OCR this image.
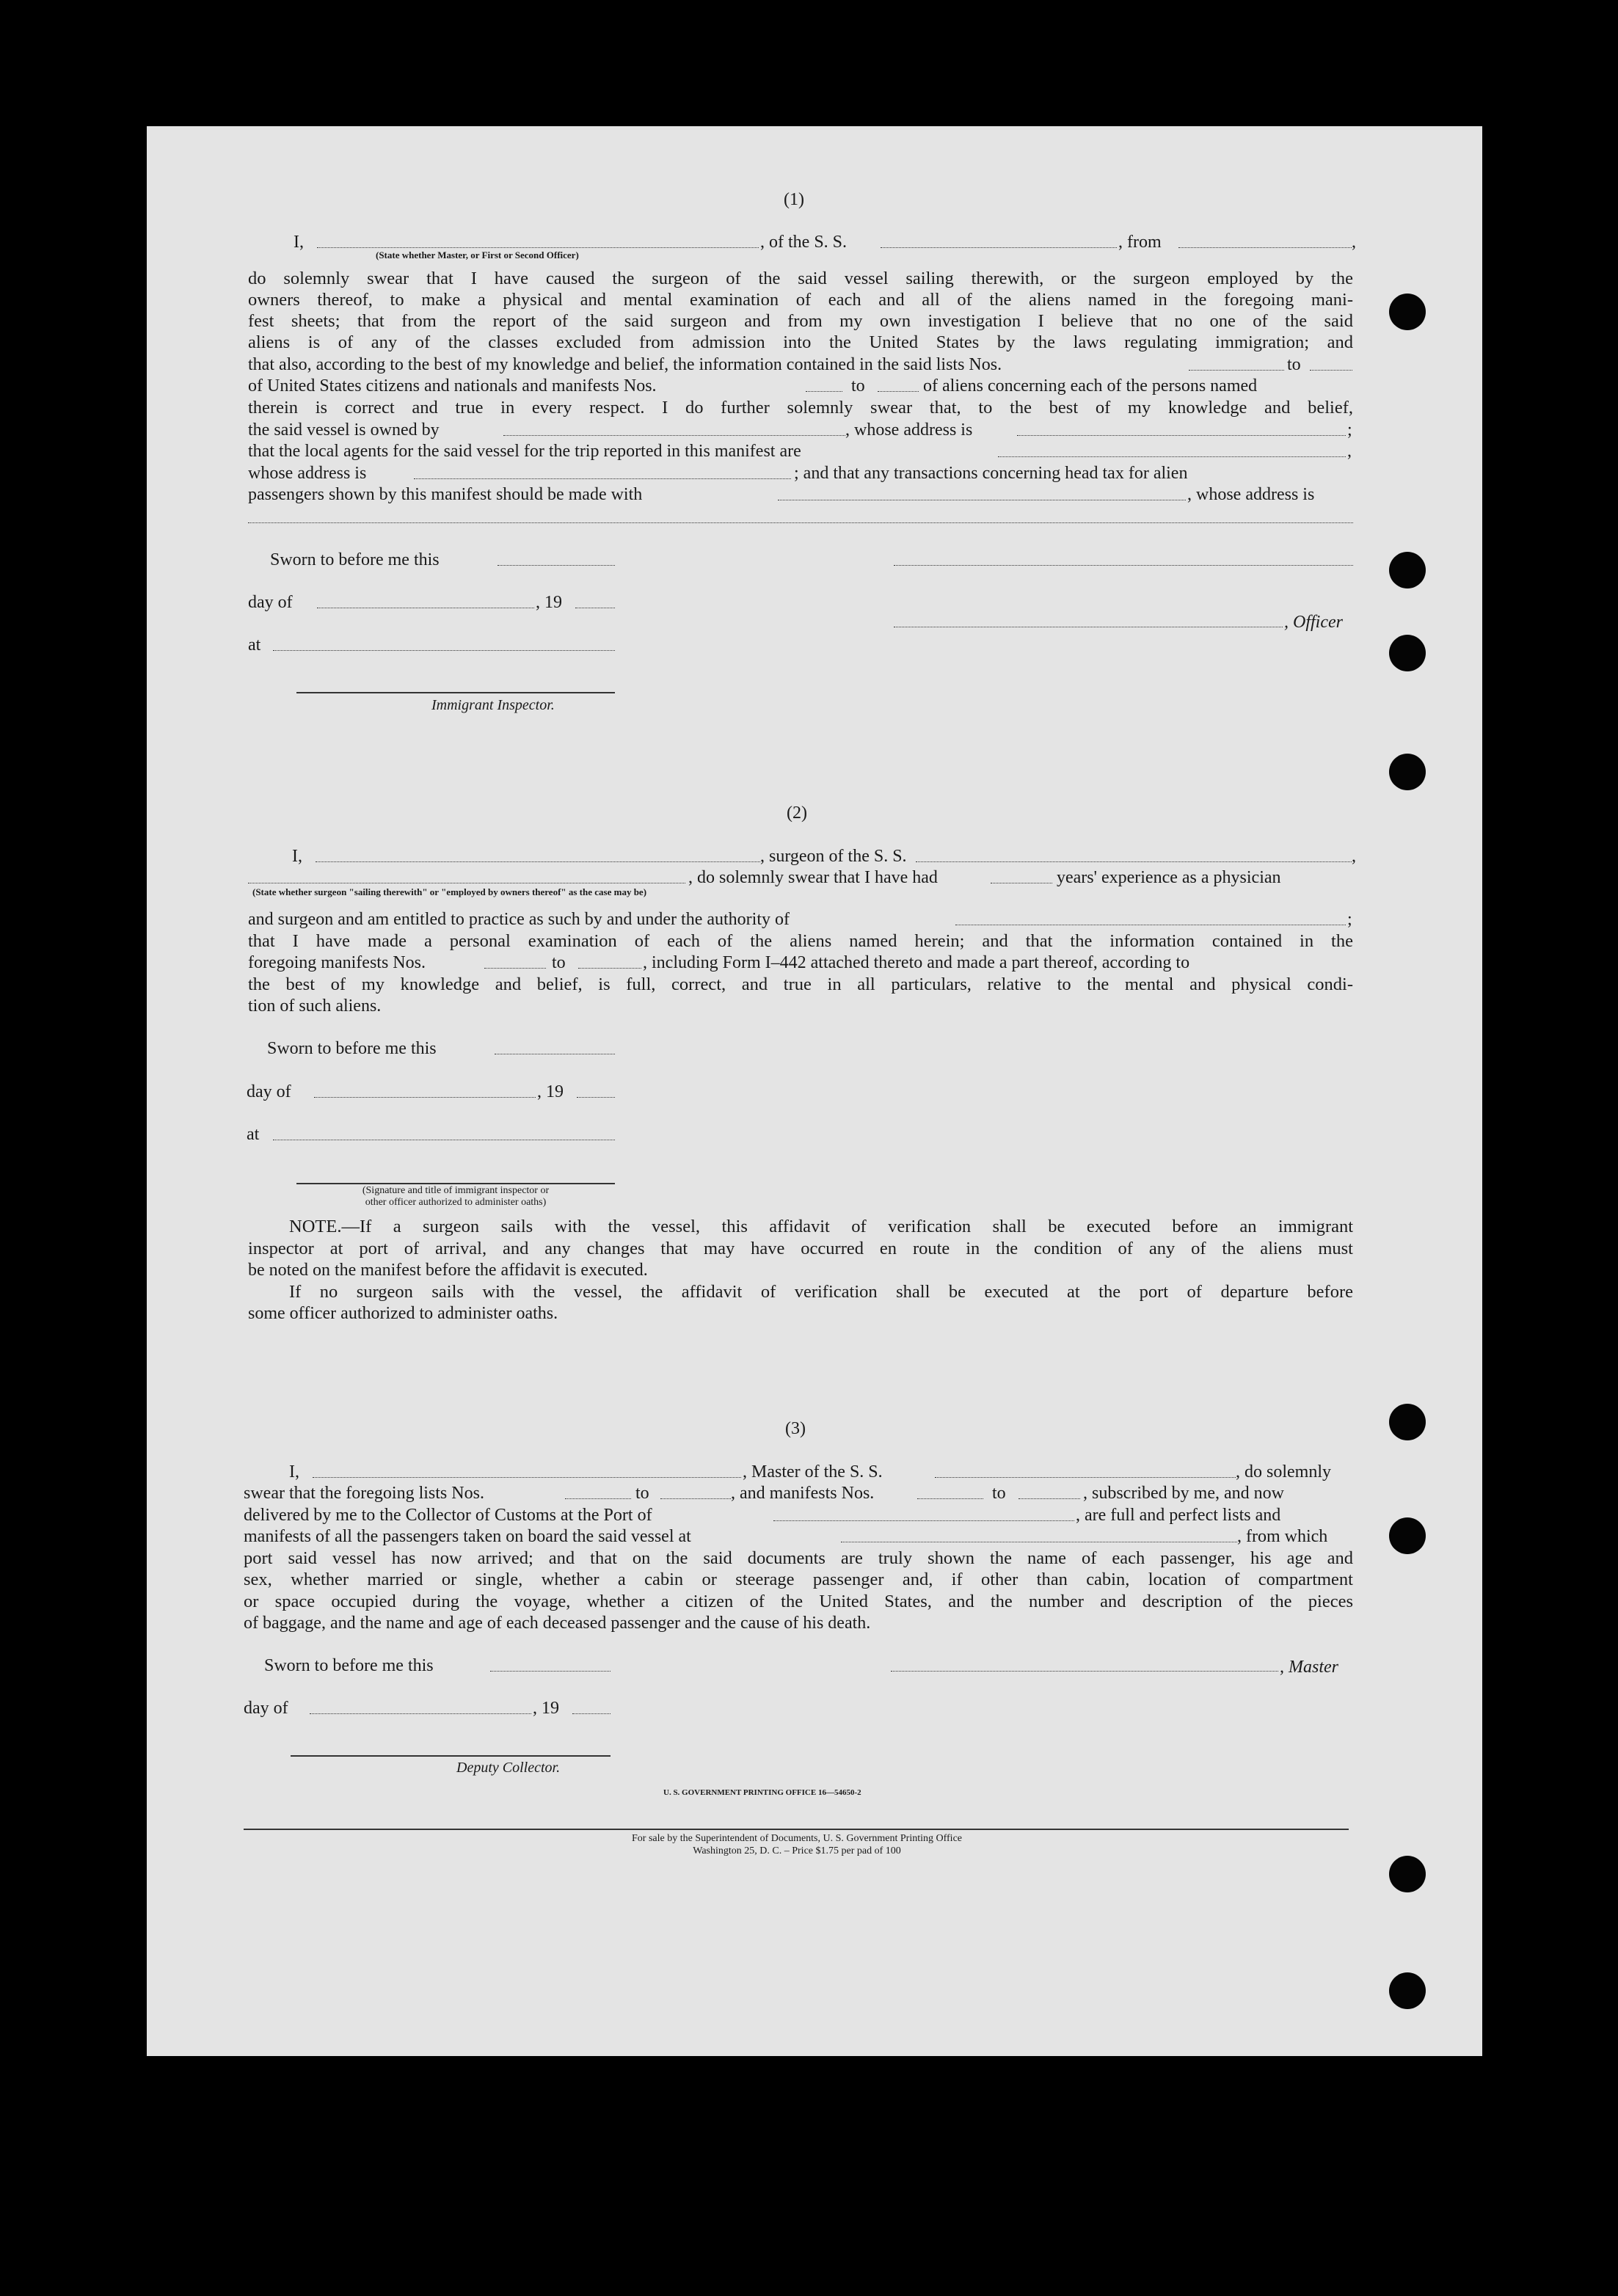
(1)
I,
(State whether Master, or First or Second Officer)
, of the S. S.	, from	,
do solemnly swear that I have caused the surgeon of the said vessel sailing therewith, or the surgeon employed by the
owners thereof, to make a physical and mental examination of each and all of the aliens named in the foregoing mani-
fest sheets; that from the report of the said surgeon and from my own investigation I believe that no one of the said
aliens is of any of the classes excluded from admission into the United States by the laws regulating immigration; and
that also, according to the best of my knowledge and belief, the information contained in the said lists Nos.	to
of United States citizens and nationals and manifests Nos.	to	of aliens concerning each of the persons named
therein is correct and true in every respect. I do further solemnly swear that, to the best of my knowledge and belief,
the said vessel is owned by	, whose address is	;
that the local agents for the said vessel for the trip reported in this manifest are	,
whose address is	; and that any transactions concerning head tax for alien
passengers shown by this manifest should be made with	, whose address is
Sworn to before me this
day of	, 19
, Officer
at
Immigrant Inspector.
(2)
I,	, surgeon of the S. S.	,
, do solemnly swear that I have had	years' experience as a physician
(State whether surgeon "sailing therewith" or "employed by owners thereof" as the case may be)
and surgeon and am entitled to practice as such by and under the authority of	;
that I have made a personal examination of each of the aliens named herein; and that the information contained in the
foregoing manifests Nos.	to	, including Form I–442 attached thereto and made a part thereof, according to
the best of my knowledge and belief, is full, correct, and true in all particulars, relative to the mental and physical condi-
tion of such aliens.
Sworn to before me this
day of	, 19
at
(Signature and title of immigrant inspector or
other officer authorized to administer oaths)
NOTE.—If a surgeon sails with the vessel, this affidavit of verification shall be executed before an immigrant
inspector at port of arrival, and any changes that may have occurred en route in the condition of any of the aliens must
be noted on the manifest before the affidavit is executed.
If no surgeon sails with the vessel, the affidavit of verification shall be executed at the port of departure before
some officer authorized to administer oaths.
(3)
I,	, Master of the S. S.	, do solemnly
swear that the foregoing lists Nos.	to	, and manifests Nos.	to	, subscribed by me, and now
delivered by me to the Collector of Customs at the Port of	, are full and perfect lists and
manifests of all the passengers taken on board the said vessel at	, from which
port said vessel has now arrived; and that on the said documents are truly shown the name of each passenger, his age and
sex, whether married or single, whether a cabin or steerage passenger and, if other than cabin, location of compartment
or space occupied during the voyage, whether a citizen of the United States, and the number and description of the pieces
of baggage, and the name and age of each deceased passenger and the cause of his death.
Sworn to before me this	, Master
day of	, 19
Deputy Collector.
U. S. GOVERNMENT PRINTING OFFICE 16—54650-2
For sale by the Superintendent of Documents, U. S. Government Printing Office
Washington 25, D. C. – Price $1.75 per pad of 100
